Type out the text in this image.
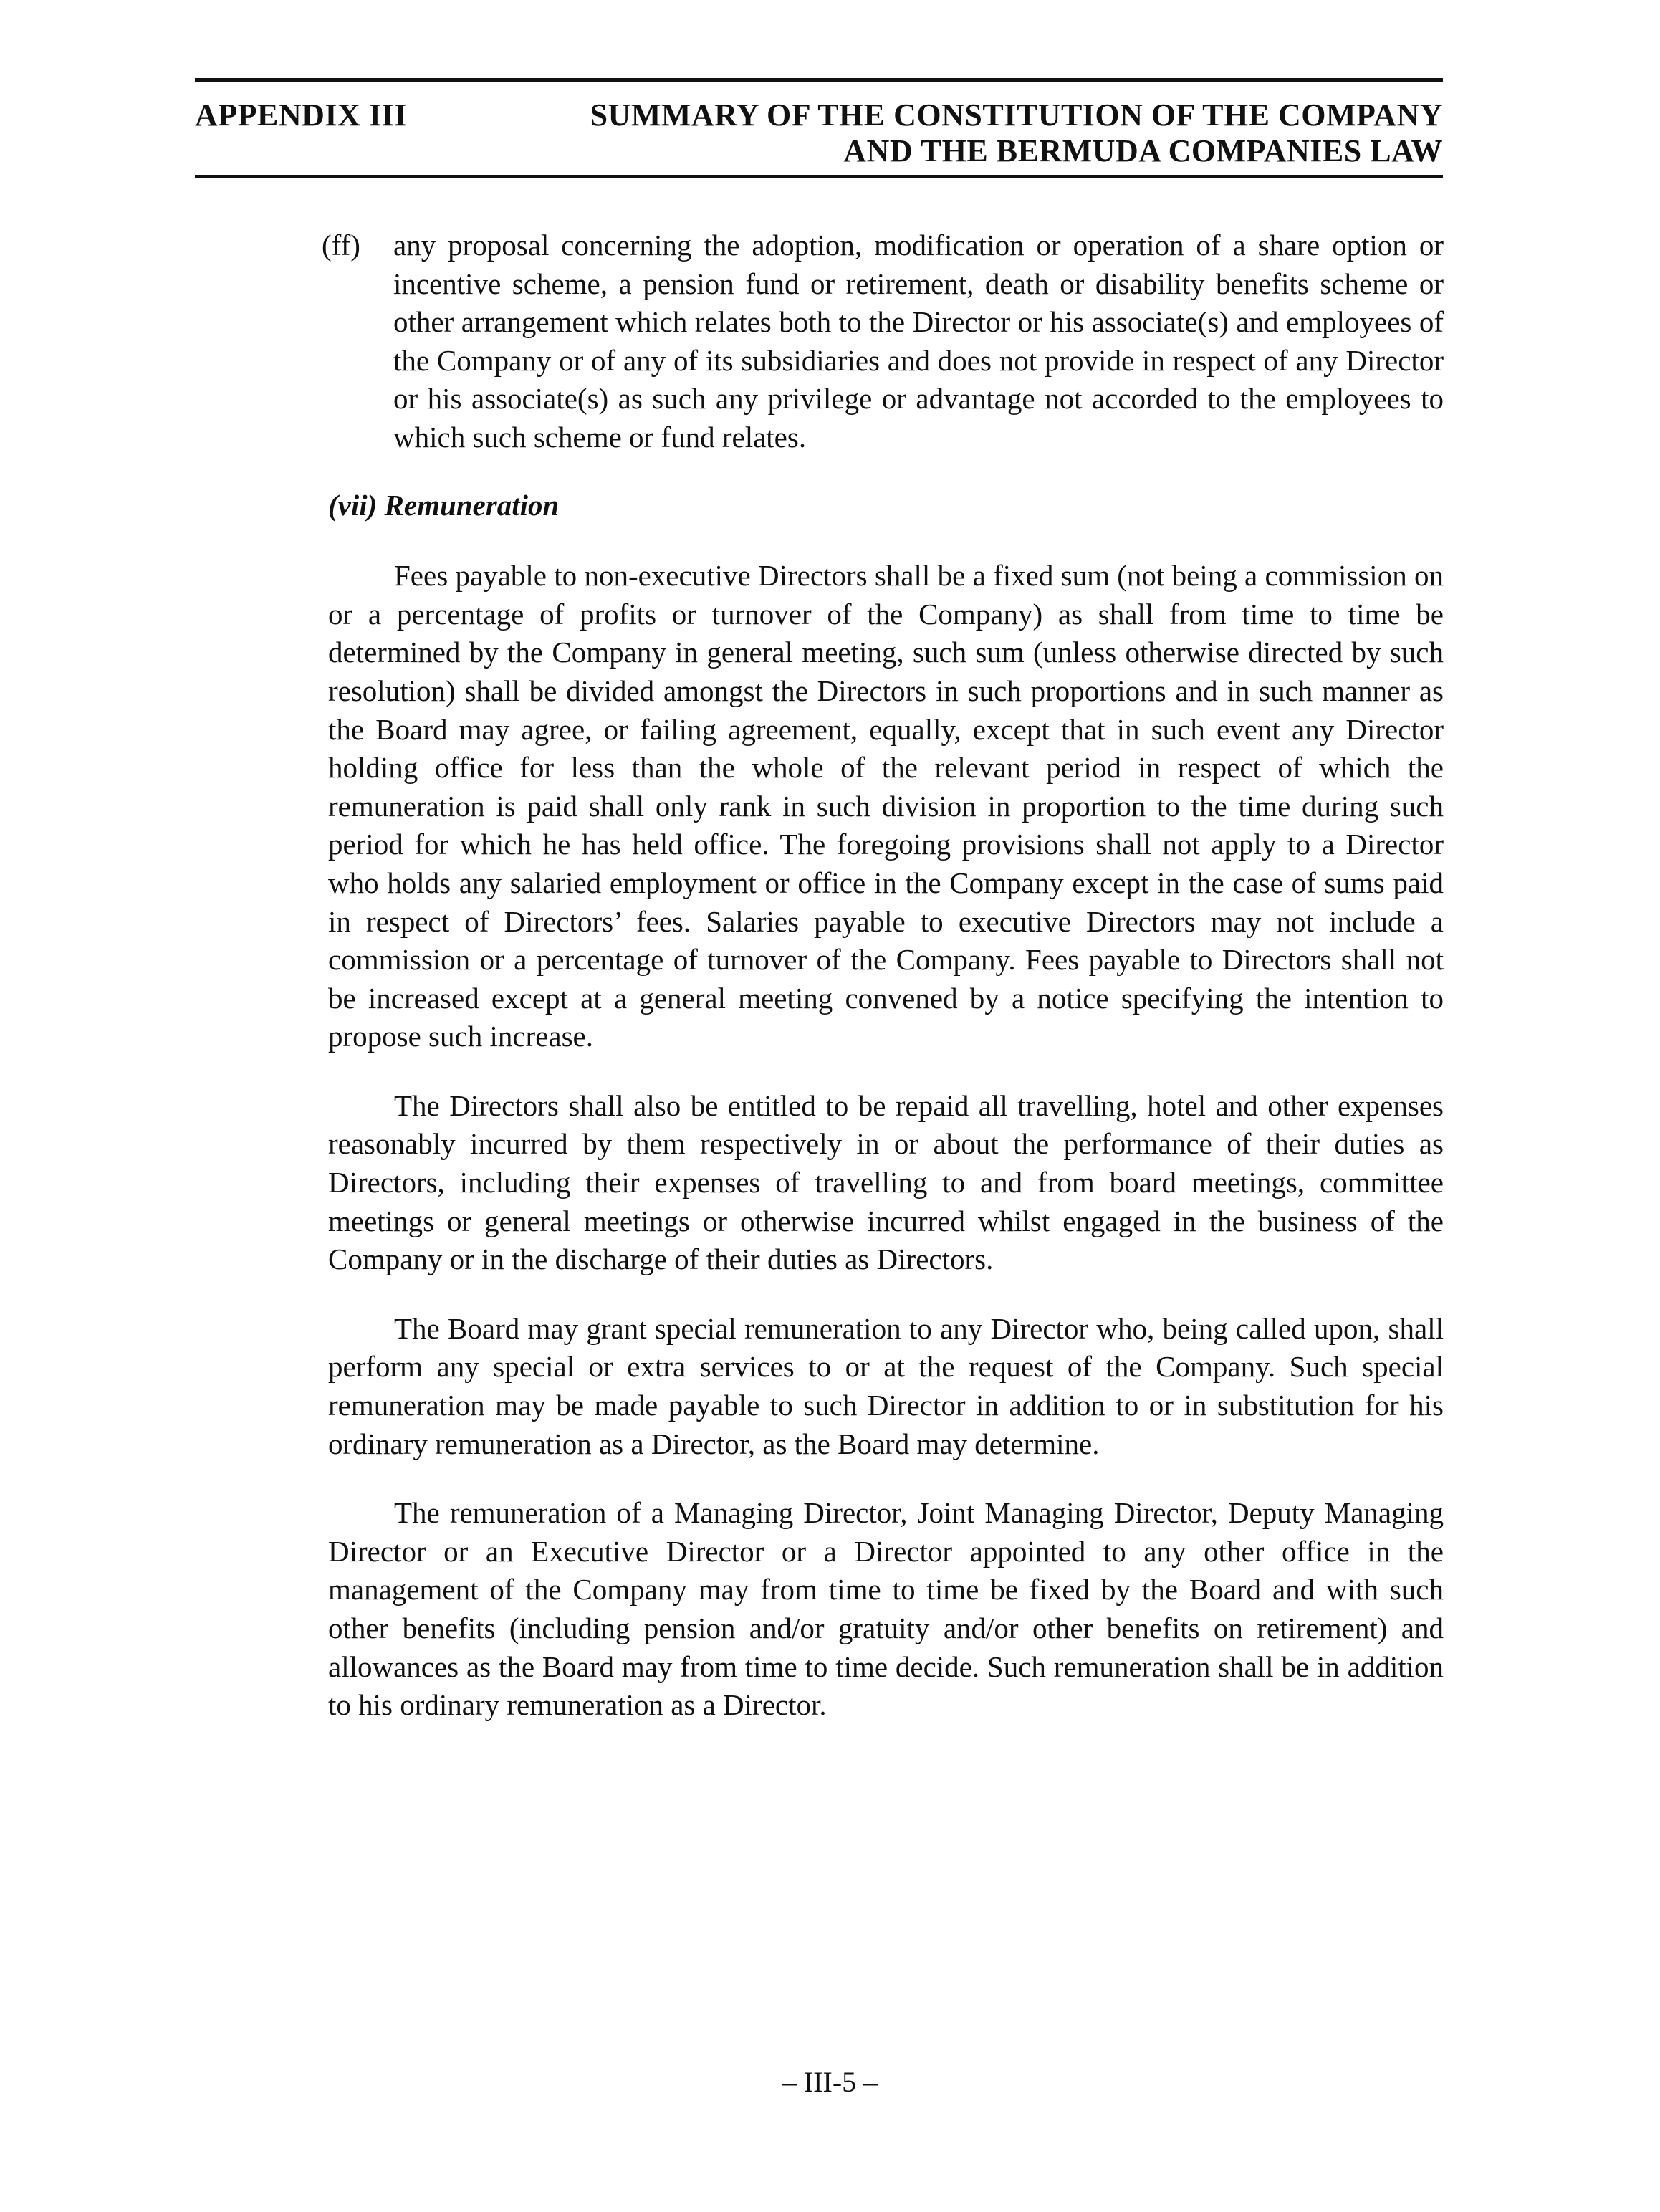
APPENDIX III	SUMMARY OF THE CONSTITUTION OF THE COMPANY
AND THE BERMUDA COMPANIES LAW
(ff) any proposal concerning the adoption, modification or operation of a share option or incentive scheme, a pension fund or retirement, death or disability benefits scheme or other arrangement which relates both to the Director or his associate(s) and employees of the Company or of any of its subsidiaries and does not provide in respect of any Director or his associate(s) as such any privilege or advantage not accorded to the employees to which such scheme or fund relates.
(vii) Remuneration

Fees payable to non-executive Directors shall be a fixed sum (not being a commission on or a percentage of profits or turnover of the Company) as shall from time to time be determined by the Company in general meeting, such sum (unless otherwise directed by such resolution) shall be divided amongst the Directors in such proportions and in such manner as the Board may agree, or failing agreement, equally, except that in such event any Director holding office for less than the whole of the relevant period in respect of which the remuneration is paid shall only rank in such division in proportion to the time during such period for which he has held office. The foregoing provisions shall not apply to a Director who holds any salaried employment or office in the Company except in the case of sums paid in respect of Directors’ fees. Salaries payable to executive Directors may not include a commission or a percentage of turnover of the Company. Fees payable to Directors shall not be increased except at a general meeting convened by a notice specifying the intention to propose such increase.

The Directors shall also be entitled to be repaid all travelling, hotel and other expenses reasonably incurred by them respectively in or about the performance of their duties as Directors, including their expenses of travelling to and from board meetings, committee meetings or general meetings or otherwise incurred whilst engaged in the business of the Company or in the discharge of their duties as Directors.

The Board may grant special remuneration to any Director who, being called upon, shall perform any special or extra services to or at the request of the Company. Such special remuneration may be made payable to such Director in addition to or in substitution for his ordinary remuneration as a Director, as the Board may determine.

The remuneration of a Managing Director, Joint Managing Director, Deputy Managing Director or an Executive Director or a Director appointed to any other office in the management of the Company may from time to time be fixed by the Board and with such other benefits (including pension and/or gratuity and/or other benefits on retirement) and allowances as the Board may from time to time decide. Such remuneration shall be in addition to his ordinary remuneration as a Director.

– III-5 –
